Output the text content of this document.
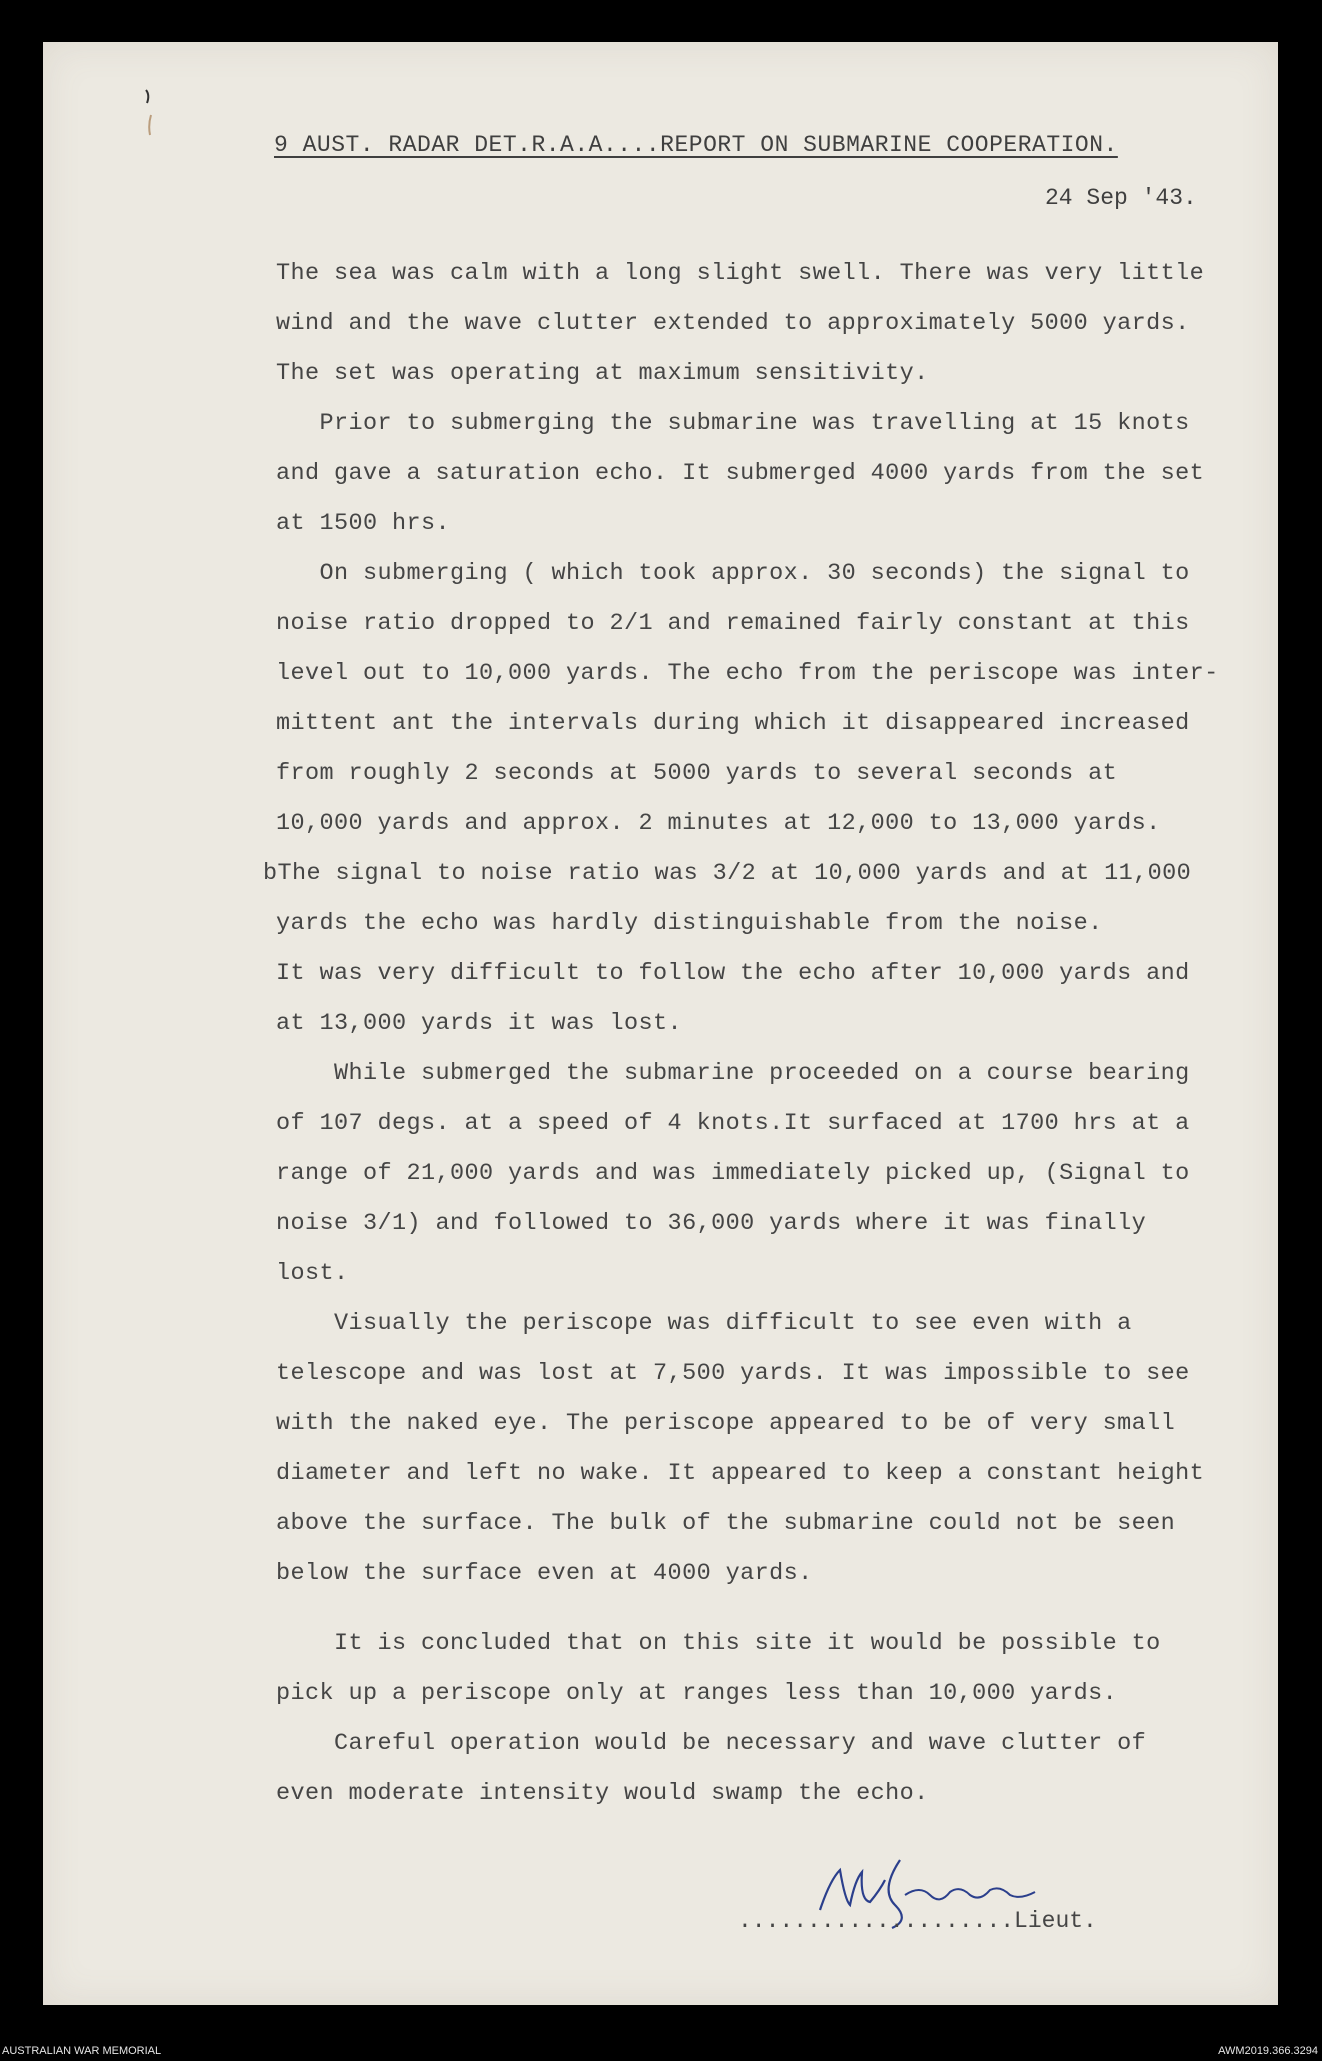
9 AUST. RADAR DET.R.A.A....REPORT ON SUBMARINE COOPERATION.
24 Sep '43.
The sea was calm with a long slight swell. There was very little
wind and the wave clutter extended to approximately 5000 yards.
The set was operating at maximum sensitivity.
Prior to submerging the submarine was travelling at 15 knots
and gave a saturation echo. It submerged 4000 yards from the set
at 1500 hrs.
On submerging ( which took approx. 30 seconds) the signal to
noise ratio dropped to 2/1 and remained fairly constant at this
level out to 10,000 yards. The echo from the periscope was inter-
mittent ant the intervals during which it disappeared increased
from roughly 2 seconds at 5000 yards to several seconds at
10,000 yards and approx. 2 minutes at 12,000 to 13,000 yards.
bThe signal to noise ratio was 3/2 at 10,000 yards and at 11,000
yards the echo was hardly distinguishable from the noise.
It was very difficult to follow the echo after 10,000 yards and
at 13,000 yards it was lost.
While submerged the submarine proceeded on a course bearing
of 107 degs. at a speed of 4 knots.It surfaced at 1700 hrs at a
range of 21,000 yards and was immediately picked up, (Signal to
noise 3/1) and followed to 36,000 yards where it was finally
lost.
Visually the periscope was difficult to see even with a
telescope and was lost at 7,500 yards. It was impossible to see
with the naked eye. The periscope appeared to be of very small
diameter and left no wake. It appeared to keep a constant height
above the surface. The bulk of the submarine could not be seen
below the surface even at 4000 yards.
It is concluded that on this site it would be possible to
pick up a periscope only at ranges less than 10,000 yards.
Careful operation would be necessary and wave clutter of
even moderate intensity would swamp the echo.
....................Lieut.
AUSTRALIAN WAR MEMORIAL	AWM2019.366.3294
